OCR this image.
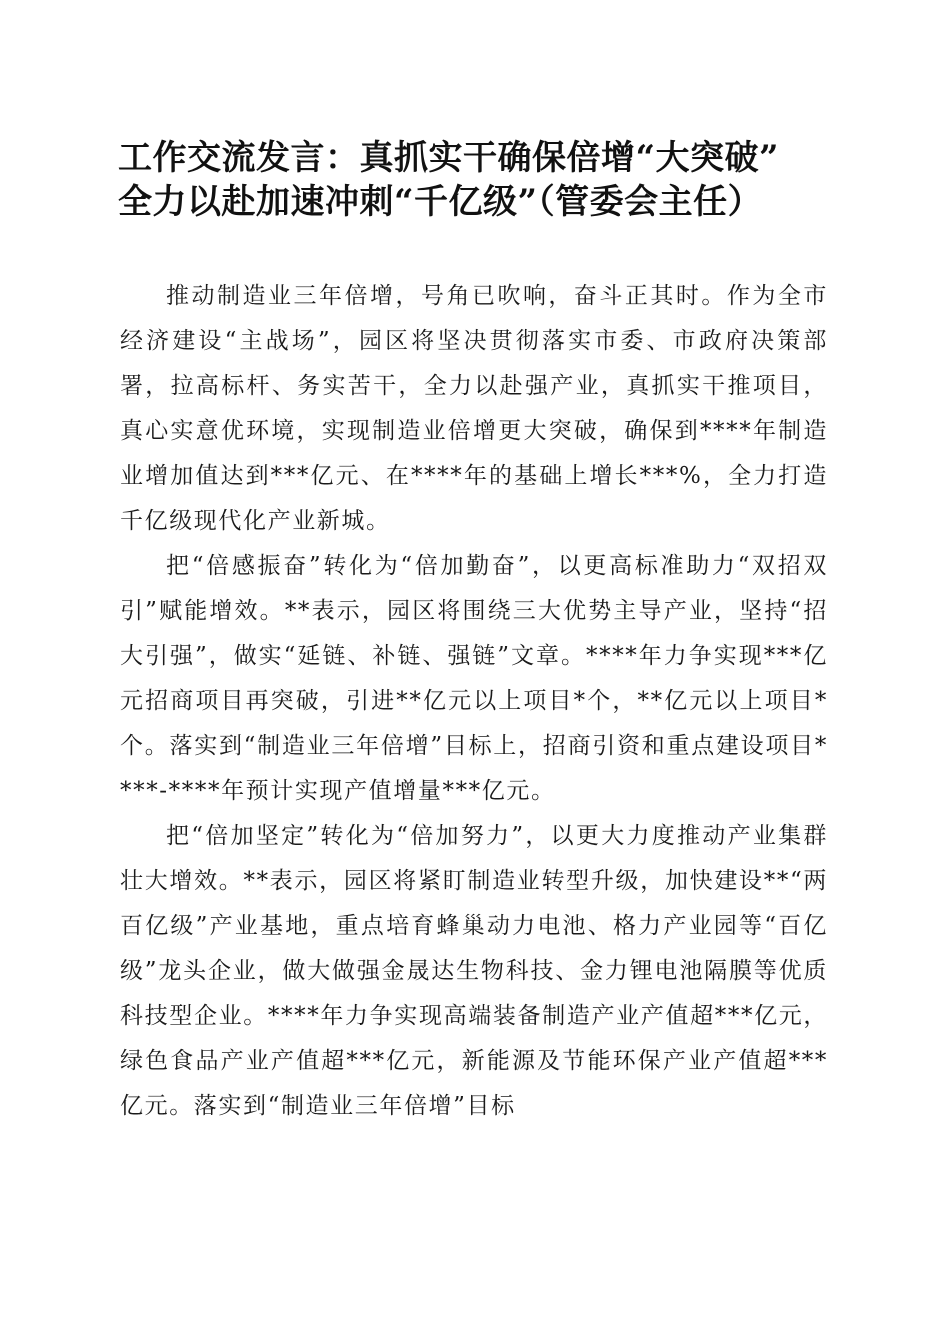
工作交流发言：真抓实干确保倍增“大突破”
全力以赴加速冲刺“千亿级”（管委会主任）

推动制造业三年倍增，号角已吹响，奋斗正其时。作为全市经济建设“主战场”，园区将坚决贯彻落实市委、市政府决策部署，拉高标杆、务实苦干，全力以赴强产业，真抓实干推项目，真心实意优环境，实现制造业倍增更大突破，确保到****年制造业增加值达到***亿元、在****年的基础上增长***%，全力打造千亿级现代化产业新城。

把“倍感振奋”转化为“倍加勤奋”，以更高标准助力“双招双引”赋能增效。**表示，园区将围绕三大优势主导产业，坚持“招大引强”，做实“延链、补链、强链”文章。****年力争实现***亿元招商项目再突破，引进**亿元以上项目*个，**亿元以上项目*个。落实到“制造业三年倍增”目标上，招商引资和重点建设项目****-****年预计实现产值增量***亿元。

把“倍加坚定”转化为“倍加努力”，以更大力度推动产业集群壮大增效。**表示，园区将紧盯制造业转型升级，加快建设**“两百亿级”产业基地，重点培育蜂巢动力电池、格力产业园等“百亿级”龙头企业，做大做强金晟达生物科技、金力锂电池隔膜等优质科技型企业。****年力争实现高端装备制造产业产值超***亿元，绿色食品产业产值超***亿元，新能源及节能环保产业产值超***亿元。落实到“制造业三年倍增”目标
